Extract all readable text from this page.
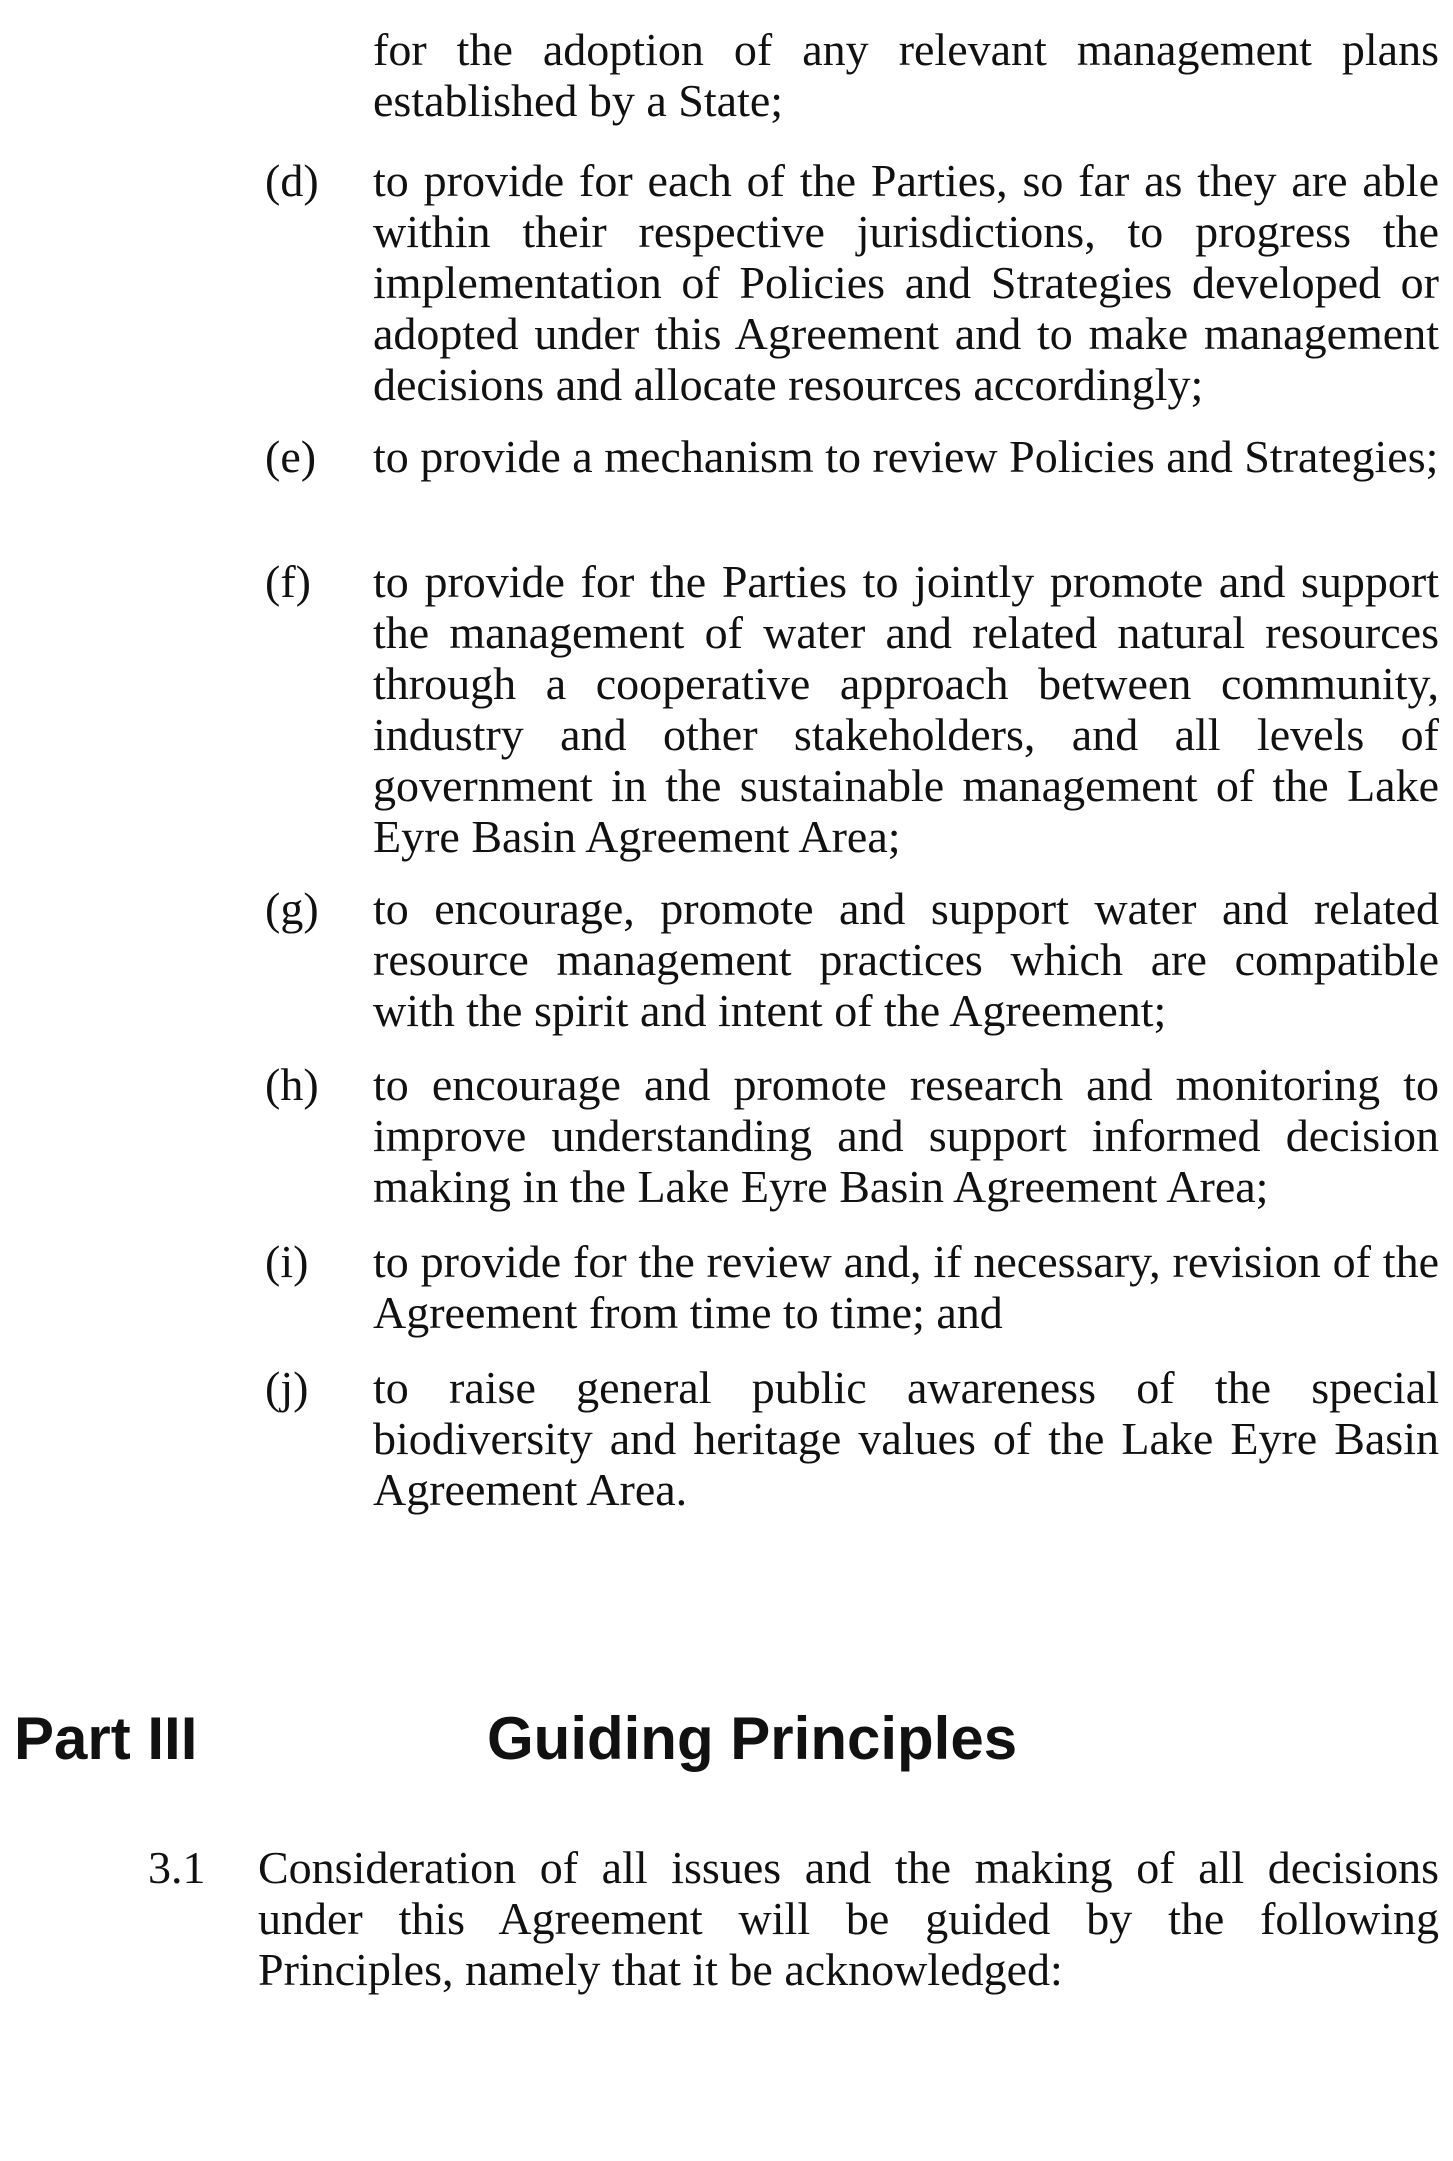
for the adoption of any relevant management plans established by a State;

(d) to provide for each of the Parties, so far as they are able within their respective jurisdictions, to progress the implementation of Policies and Strategies developed or adopted under this Agreement and to make management decisions and allocate resources accordingly;

(e) to provide a mechanism to review Policies and Strategies;

(f) to provide for the Parties to jointly promote and support the management of water and related natural resources through a cooperative approach between community, industry and other stakeholders, and all levels of government in the sustainable management of the Lake Eyre Basin Agreement Area;

(g) to encourage, promote and support water and related resource management practices which are compatible with the spirit and intent of the Agreement;

(h) to encourage and promote research and monitoring to improve understanding and support informed decision making in the Lake Eyre Basin Agreement Area;

(i) to provide for the review and, if necessary, revision of the Agreement from time to time; and

(j) to raise general public awareness of the special biodiversity and heritage values of the Lake Eyre Basin Agreement Area.

Part III	Guiding Principles
3.1 Consideration of all issues and the making of all decisions under this Agreement will be guided by the following Principles, namely that it be acknowledged:
